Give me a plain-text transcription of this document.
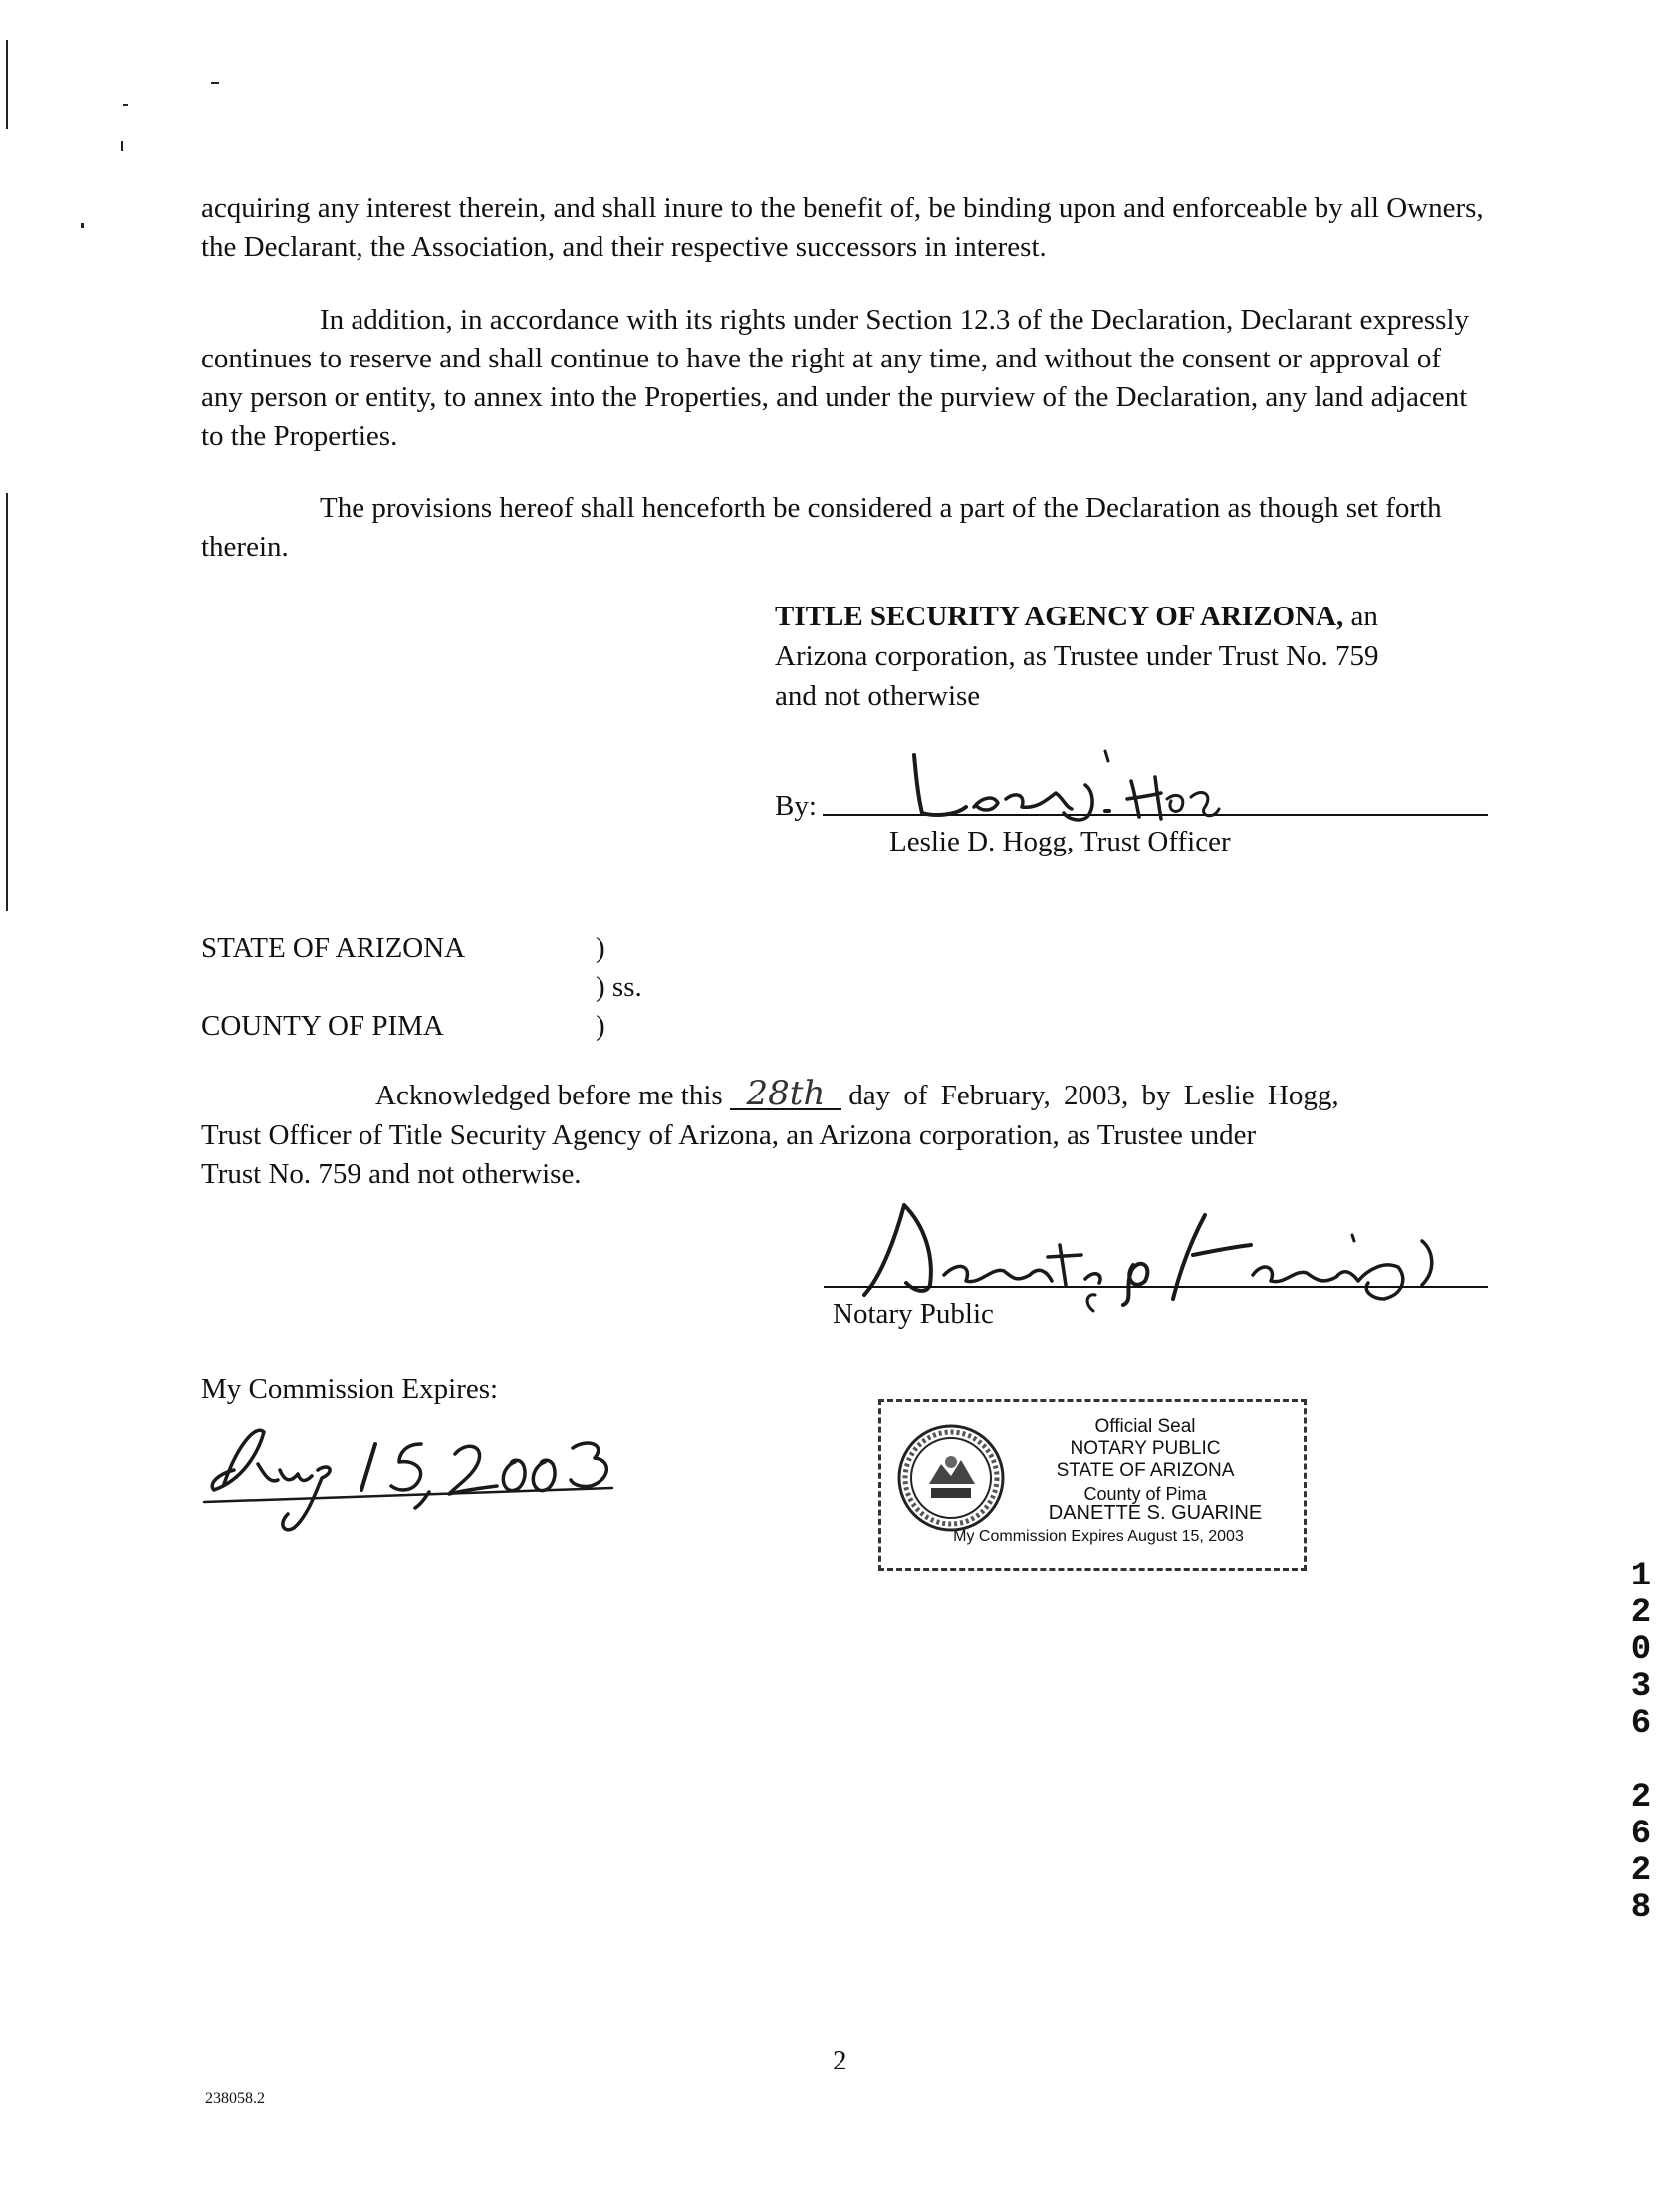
acquiring any interest therein, and shall inure to the benefit of, be binding upon and enforceable by all Owners, the Declarant, the Association, and their respective successors in interest.

In addition, in accordance with its rights under Section 12.3 of the Declaration, Declarant expressly continues to reserve and shall continue to have the right at any time, and without the consent or approval of any person or entity, to annex into the Properties, and under the purview of the Declaration, any land adjacent to the Properties.

The provisions hereof shall henceforth be considered a part of the Declaration as though set forth therein.

TITLE SECURITY AGENCY OF ARIZONA, an
Arizona corporation, as Trustee under Trust No. 759
and not otherwise
By:
Leslie D. Hogg, Trust Officer
STATE OF ARIZONA	)
) ss.
COUNTY OF PIMA	)
Acknowledged before me this 28th day of February, 2003, by Leslie Hogg,
Trust Officer of Title Security Agency of Arizona, an Arizona corporation, as Trustee under
Trust No. 759 and not otherwise.
Notary Public
My Commission Expires:
Official Seal
NOTARY PUBLIC
STATE OF ARIZONA
County of Pima
DANETTE S. GUARINE
My Commission Expires August 15, 2003
1
2
0
3
6
2
6
2
8
2
238058.2
